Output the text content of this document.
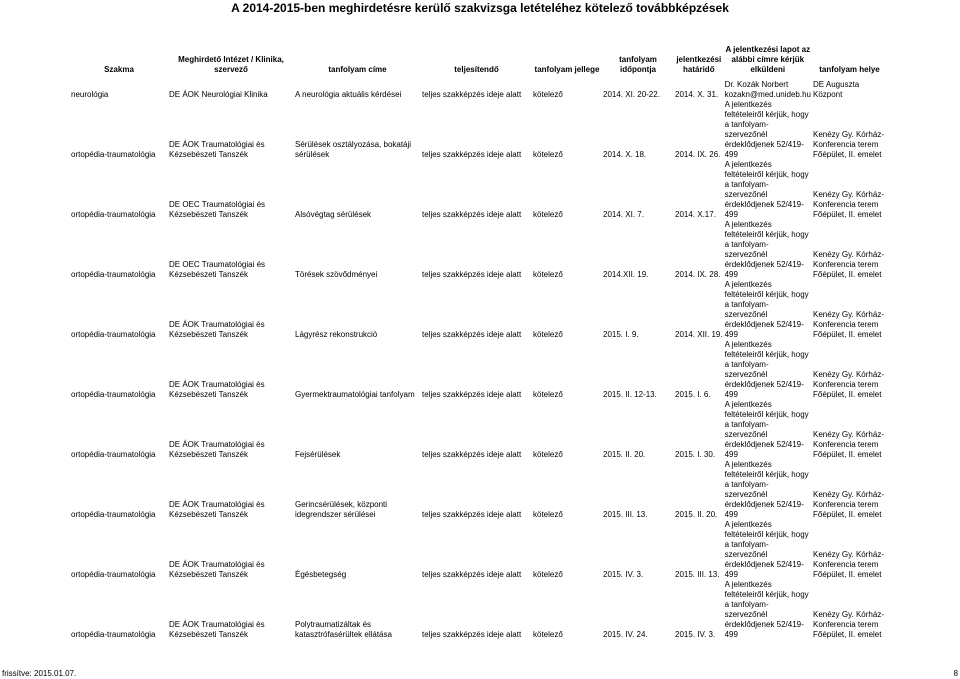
A 2014-2015-ben meghirdetésre kerülő szakvizsga letételéhez kötelező továbbképzések
Szakma	Meghirdető Intézet / Klinika, szervező	tanfolyam címe	teljesítendő	tanfolyam jellege	tanfolyam időpontja	jelentkezési határidő	A jelentkezési lapot az alábbi címre kérjük elküldeni	tanfolyam helye
neurológia	DE ÁOK Neurológiai Klinika	A neurológia aktuális kérdései	teljes szakképzés ideje alatt	kötelező	2014. XI. 20-22.	2014. X. 31.	Dr. Kozák Norbert kozakn@med.unideb.hu	DE Auguszta Központ
ortopédia-traumatológia	DE ÁOK Traumatológiai és Kézsebészeti Tanszék	Sérülések osztályozása, bokatáji sérülések	teljes szakképzés ideje alatt	kötelező	2014. X. 18.	2014. IX. 26.	A jelentkezés feltételeiről kérjük, hogy a tanfolyam-szervezőnél érdeklődjenek 52/419-499	Kenézy Gy. Kórház-Konferencia terem Főépület, II. emelet
ortopédia-traumatológia	DE OEC Traumatológiai és Kézsebészeti Tanszék	Alsóvégtag sérülések	teljes szakképzés ideje alatt	kötelező	2014. XI. 7.	2014. X.17.	A jelentkezés feltételeiről kérjük, hogy a tanfolyam-szervezőnél érdeklődjenek 52/419-499	Kenézy Gy. Kórház-Konferencia terem Főépület, II. emelet
ortopédia-traumatológia	DE OEC Traumatológiai és Kézsebészeti Tanszék	Törések szövődményei	teljes szakképzés ideje alatt	kötelező	2014.XII. 19.	2014. IX. 28.	A jelentkezés feltételeiről kérjük, hogy a tanfolyam-szervezőnél érdeklődjenek 52/419-499	Kenézy Gy. Kórház-Konferencia terem Főépület, II. emelet
ortopédia-traumatológia	DE ÁOK Traumatológiai és Kézsebészeti Tanszék	Lágyrész rekonstrukció	teljes szakképzés ideje alatt	kötelező	2015. I. 9.	2014. XII. 19.	A jelentkezés feltételeiről kérjük, hogy a tanfolyam-szervezőnél érdeklődjenek 52/419-499	Kenézy Gy. Kórház-Konferencia terem Főépület, II. emelet
ortopédia-traumatológia	DE ÁOK Traumatológiai és Kézsebészeti Tanszék	Gyermektraumatológiai tanfolyam	teljes szakképzés ideje alatt	kötelező	2015. II. 12-13.	2015. I. 6.	A jelentkezés feltételeiről kérjük, hogy a tanfolyam-szervezőnél érdeklődjenek 52/419-499	Kenézy Gy. Kórház-Konferencia terem Főépület, II. emelet
ortopédia-traumatológia	DE ÁOK Traumatológiai és Kézsebészeti Tanszék	Fejsérülések	teljes szakképzés ideje alatt	kötelező	2015. II. 20.	2015. I. 30.	A jelentkezés feltételeiről kérjük, hogy a tanfolyam-szervezőnél érdeklődjenek 52/419-499	Kenézy Gy. Kórház-Konferencia terem Főépület, II. emelet
ortopédia-traumatológia	DE ÁOK Traumatológiai és Kézsebészeti Tanszék	Gerincsérülések, központi idegrendszer sérülései	teljes szakképzés ideje alatt	kötelező	2015. III. 13.	2015. II. 20.	A jelentkezés feltételeiről kérjük, hogy a tanfolyam-szervezőnél érdeklődjenek 52/419-499	Kenézy Gy. Kórház-Konferencia terem Főépület, II. emelet
ortopédia-traumatológia	DE ÁOK Traumatológiai és Kézsebészeti Tanszék	Égésbetegség	teljes szakképzés ideje alatt	kötelező	2015. IV. 3.	2015. III. 13.	A jelentkezés feltételeiről kérjük, hogy a tanfolyam-szervezőnél érdeklődjenek 52/419-499	Kenézy Gy. Kórház-Konferencia terem Főépület, II. emelet
ortopédia-traumatológia	DE ÁOK Traumatológiai és Kézsebészeti Tanszék	Polytraumatizáltak és katasztrófasérültek ellátása	teljes szakképzés ideje alatt	kötelező	2015. IV. 24.	2015. IV. 3.	A jelentkezés feltételeiről kérjük, hogy a tanfolyam-szervezőnél érdeklődjenek 52/419-499	Kenézy Gy. Kórház-Konferencia terem Főépület, II. emelet
frissítve: 2015.01.07.	8
